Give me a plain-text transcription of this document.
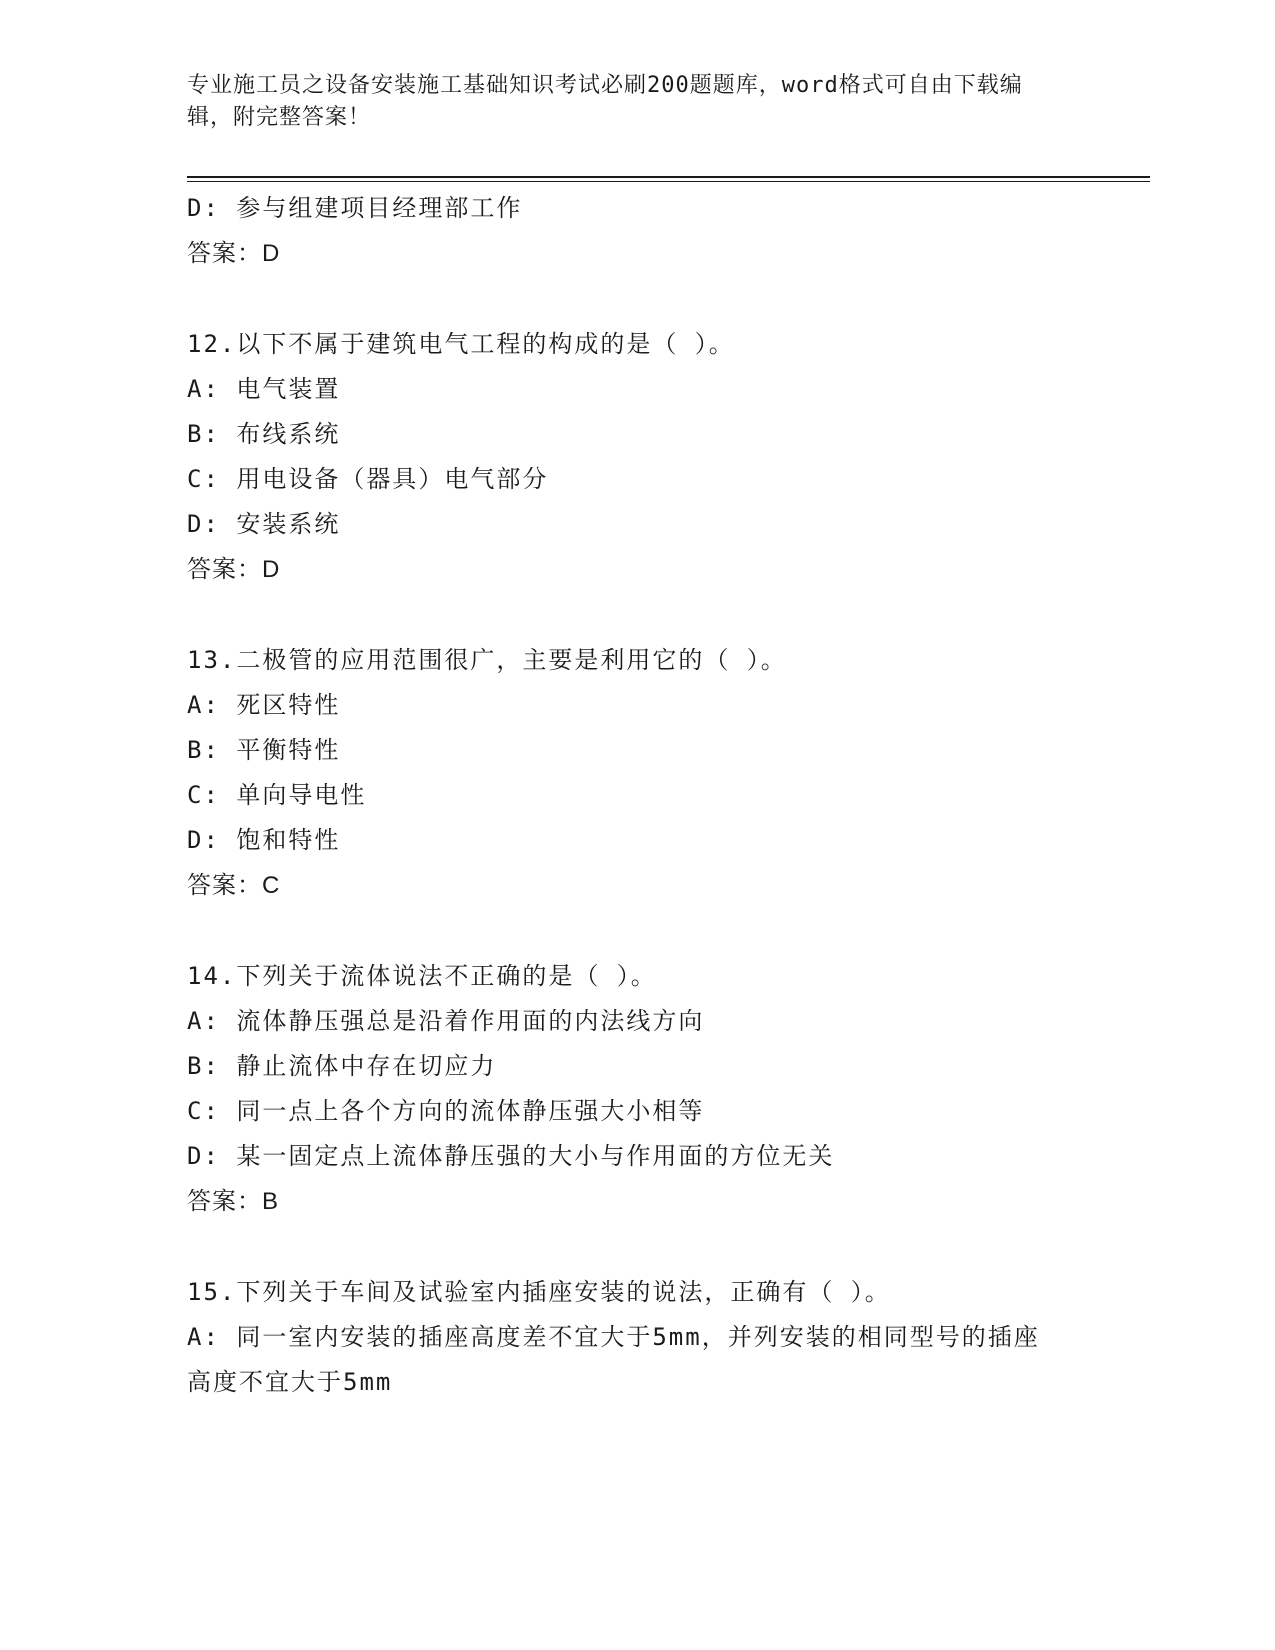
专业施工员之设备安装施工基础知识考试必刷200题题库，word格式可自由下载编辑，附完整答案！
D: 参与组建项目经理部工作
答案：D
12.以下不属于建筑电气工程的构成的是（ ）。
A: 电气装置
B: 布线系统
C: 用电设备（器具）电气部分
D: 安装系统
答案：D
13.二极管的应用范围很广，主要是利用它的（ ）。
A: 死区特性
B: 平衡特性
C: 单向导电性
D: 饱和特性
答案：C
14.下列关于流体说法不正确的是（ ）。
A: 流体静压强总是沿着作用面的内法线方向
B: 静止流体中存在切应力
C: 同一点上各个方向的流体静压强大小相等
D: 某一固定点上流体静压强的大小与作用面的方位无关
答案：B
15.下列关于车间及试验室内插座安装的说法，正确有（ ）。
A: 同一室内安装的插座高度差不宜大于5mm，并列安装的相同型号的插座高度不宜大于5mm
